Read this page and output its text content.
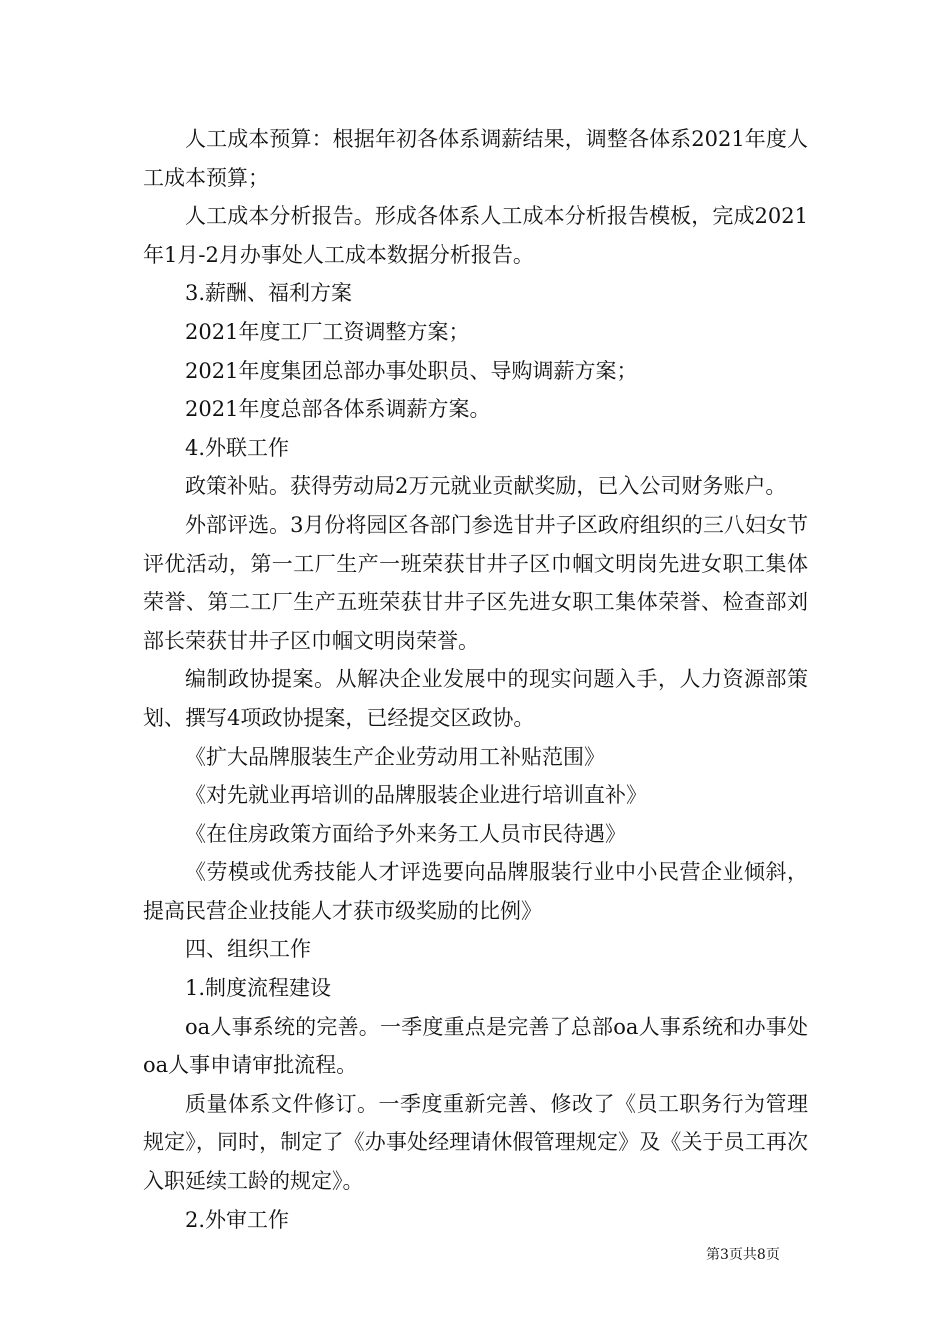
人工成本预算：根据年初各体系调薪结果，调整各体系2021年度人工成本预算；

人工成本分析报告。形成各体系人工成本分析报告模板，完成2021年1月-2月办事处人工成本数据分析报告。

3.薪酬、福利方案

2021年度工厂工资调整方案；

2021年度集团总部办事处职员、导购调薪方案；

2021年度总部各体系调薪方案。

4.外联工作

政策补贴。获得劳动局2万元就业贡献奖励，已入公司财务账户。

外部评选。3月份将园区各部门参选甘井子区政府组织的三八妇女节评优活动，第一工厂生产一班荣获甘井子区巾帼文明岗先进女职工集体荣誉、第二工厂生产五班荣获甘井子区先进女职工集体荣誉、检查部刘部长荣获甘井子区巾帼文明岗荣誉。

编制政协提案。从解决企业发展中的现实问题入手，人力资源部策划、撰写4项政协提案，已经提交区政协。

《扩大品牌服装生产企业劳动用工补贴范围》

《对先就业再培训的品牌服装企业进行培训直补》

《在住房政策方面给予外来务工人员市民待遇》

《劳模或优秀技能人才评选要向品牌服装行业中小民营企业倾斜，提高民营企业技能人才获市级奖励的比例》

四、组织工作

1.制度流程建设

oa人事系统的完善。一季度重点是完善了总部oa人事系统和办事处oa人事申请审批流程。

质量体系文件修订。一季度重新完善、修改了《员工职务行为管理规定》，同时，制定了《办事处经理请休假管理规定》及《关于员工再次入职延续工龄的规定》。

2.外审工作

第3页共8页
